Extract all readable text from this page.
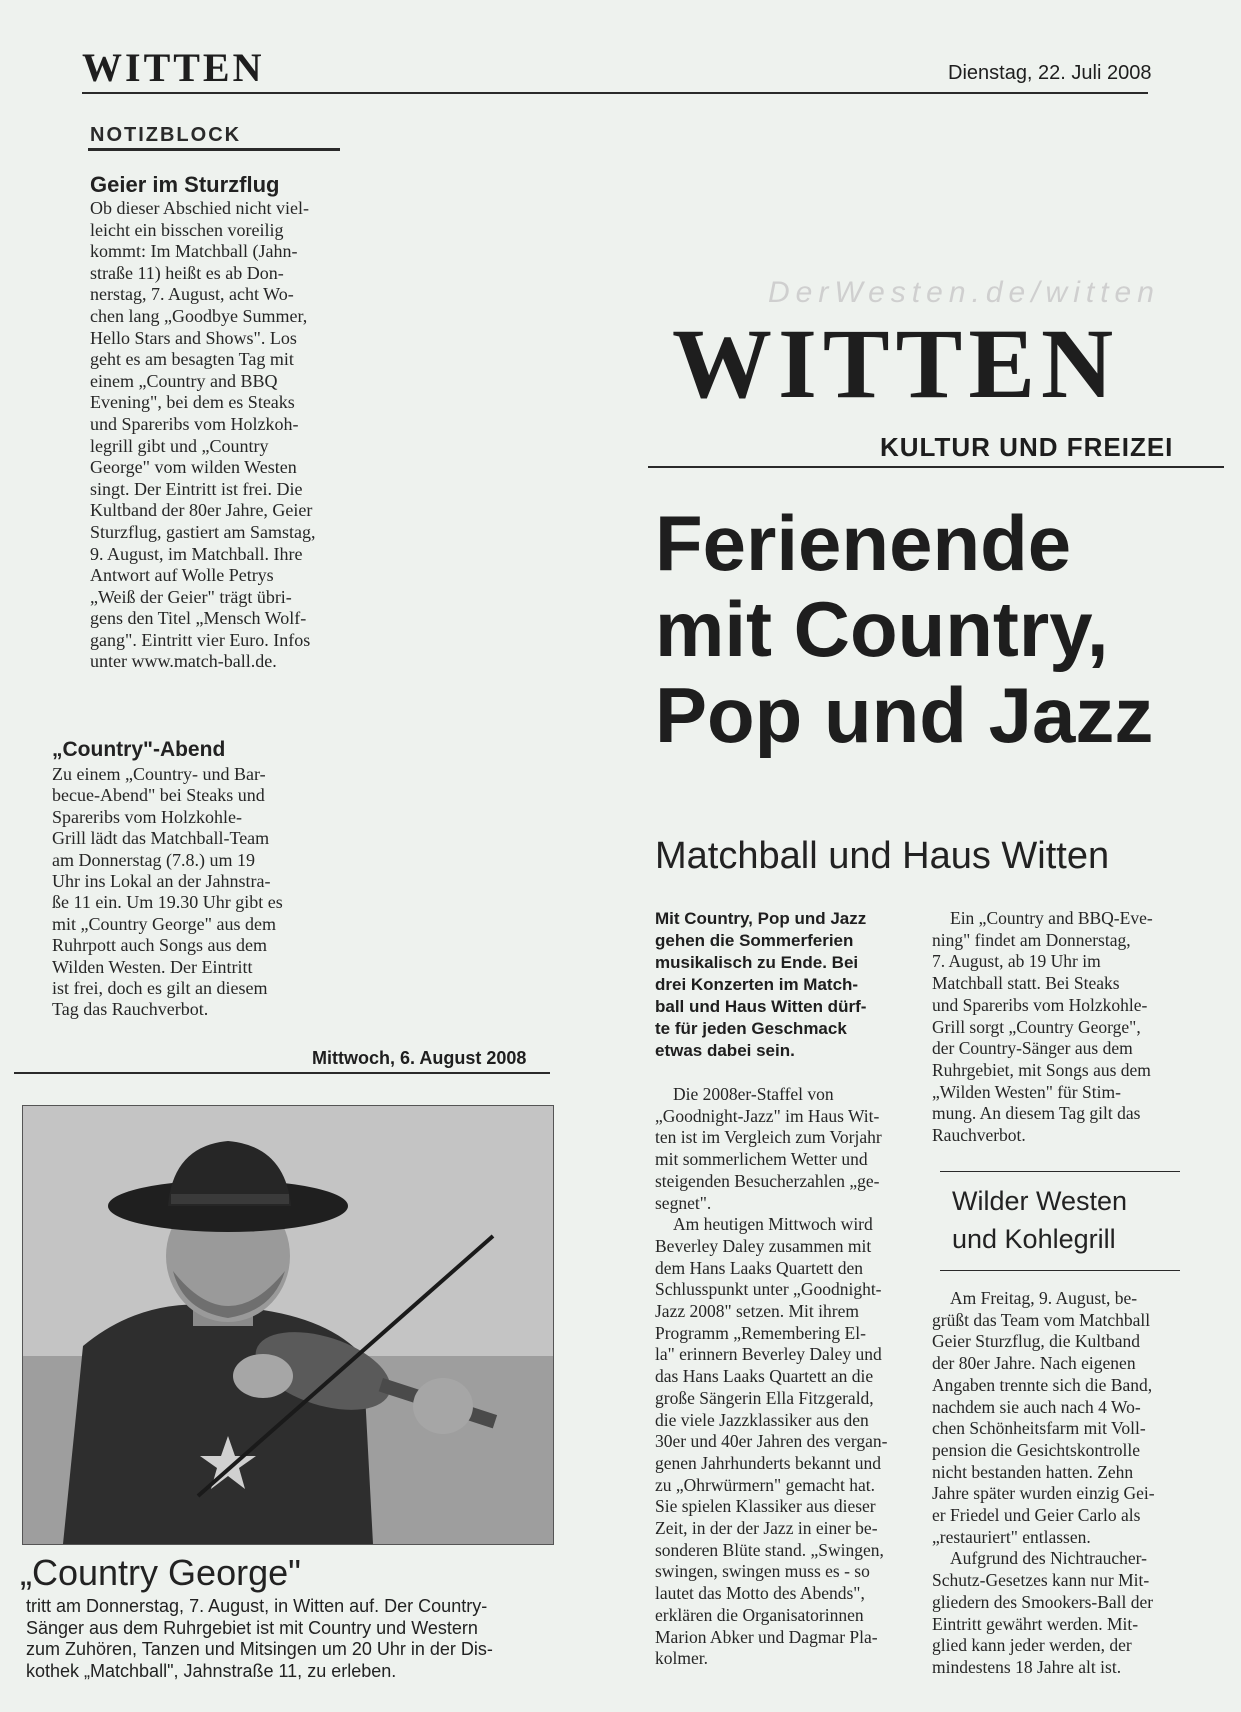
WITTEN	Dienstag, 22. Juli 2008
NOTIZBLOCK
Geier im Sturzflug
Ob dieser Abschied nicht viel-
leicht ein bisschen voreilig
kommt: Im Matchball (Jahn-
straße 11) heißt es ab Don-
nerstag, 7. August, acht Wo-
chen lang „Goodbye Summer,
Hello Stars and Shows". Los
geht es am besagten Tag mit
einem „Country and BBQ
Evening", bei dem es Steaks
und Spareribs vom Holzkoh-
legrill gibt und „Country
George" vom wilden Westen
singt. Der Eintritt ist frei. Die
Kultband der 80er Jahre, Geier
Sturzflug, gastiert am Samstag,
9. August, im Matchball. Ihre
Antwort auf Wolle Petrys
„Weiß der Geier" trägt übri-
gens den Titel „Mensch Wolf-
gang". Eintritt vier Euro. Infos
unter www.match-ball.de.
„Country"-Abend
Zu einem „Country- und Bar-
becue-Abend" bei Steaks und
Spareribs vom Holzkohle-
Grill lädt das Matchball-Team
am Donnerstag (7.8.) um 19
Uhr ins Lokal an der Jahnstra-
ße 11 ein. Um 19.30 Uhr gibt es
mit „Country George" aus dem
Ruhrpott auch Songs aus dem
Wilden Westen. Der Eintritt
ist frei, doch es gilt an diesem
Tag das Rauchverbot.
Mittwoch, 6. August 2008
„Country George"
tritt am Donnerstag, 7. August, in Witten auf. Der Country-
Sänger aus dem Ruhrgebiet ist mit Country und Western
zum Zuhören, Tanzen und Mitsingen um 20 Uhr in der Dis-
kothek „Matchball", Jahnstraße 11, zu erleben.
DerWesten.de/witten
WITTEN
KULTUR UND FREIZEI
Ferienende
mit Country,
Pop und Jazz
Matchball und Haus Witten
Mit Country, Pop und Jazz
gehen die Sommerferien
musikalisch zu Ende. Bei
drei Konzerten im Match-
ball und Haus Witten dürf-
te für jeden Geschmack
etwas dabei sein.
Die 2008er-Staffel von
„Goodnight-Jazz" im Haus Wit-
ten ist im Vergleich zum Vorjahr
mit sommerlichem Wetter und
steigenden Besucherzahlen „ge-
segnet".
Am heutigen Mittwoch wird
Beverley Daley zusammen mit
dem Hans Laaks Quartett den
Schlusspunkt unter „Goodnight-
Jazz 2008" setzen. Mit ihrem
Programm „Remembering El-
la" erinnern Beverley Daley und
das Hans Laaks Quartett an die
große Sängerin Ella Fitzgerald,
die viele Jazzklassiker aus den
30er und 40er Jahren des vergan-
genen Jahrhunderts bekannt und
zu „Ohrwürmern" gemacht hat.
Sie spielen Klassiker aus dieser
Zeit, in der der Jazz in einer be-
sonderen Blüte stand. „Swingen,
swingen, swingen muss es - so
lautet das Motto des Abends",
erklären die Organisatorinnen
Marion Abker und Dagmar Pla-
kolmer.
Ein „Country and BBQ-Eve-
ning" findet am Donnerstag,
7. August, ab 19 Uhr im
Matchball statt. Bei Steaks
und Spareribs vom Holzkohle-
Grill sorgt „Country George",
der Country-Sänger aus dem
Ruhrgebiet, mit Songs aus dem
„Wilden Westen" für Stim-
mung. An diesem Tag gilt das
Rauchverbot.
Wilder Westen
und Kohlegrill
Am Freitag, 9. August, be-
grüßt das Team vom Matchball
Geier Sturzflug, die Kultband
der 80er Jahre. Nach eigenen
Angaben trennte sich die Band,
nachdem sie auch nach 4 Wo-
chen Schönheitsfarm mit Voll-
pension die Gesichtskontrolle
nicht bestanden hatten. Zehn
Jahre später wurden einzig Gei-
er Friedel und Geier Carlo als
„restauriert" entlassen.
Aufgrund des Nichtraucher-
Schutz-Gesetzes kann nur Mit-
gliedern des Smookers-Ball der
Eintritt gewährt werden. Mit-
glied kann jeder werden, der
mindestens 18 Jahre alt ist.
